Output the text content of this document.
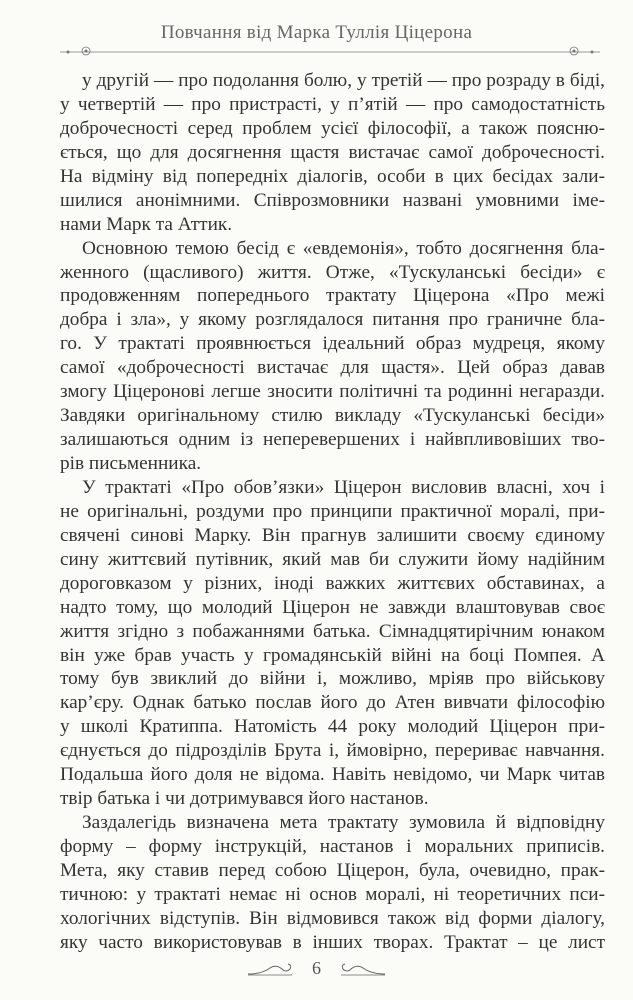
Повчання від Марка Туллія Ціцерона
у другій — про подолання болю, у третій — про розраду в біді,
у четвертій — про пристрасті, у п’ятій — про самодостатність
доброчесності серед проблем усієї філософії, а також поясню-
ється, що для досягнення щастя вистачає самої доброчесності.
На відміну від попередніх діалогів, особи в цих бесідах зали-
шилися анонімними. Співрозмовники названі умовними іме-
нами Марк та Аттик.
Основною темою бесід є «евдемонія», тобто досягнення бла-
женного (щасливого) життя. Отже, «Тускуланські бесіди» є
продовженням попереднього трактату Ціцерона «Про межі
добра і зла», у якому розглядалося питання про граничне бла-
го. У трактаті проявнюється ідеальний образ мудреця, якому
самої «доброчесності вистачає для щастя». Цей образ давав
змогу Ціцеронові легше зносити політичні та родинні негаразди.
Завдяки оригінальному стилю викладу «Тускуланські бесіди»
залишаються одним із неперевершених і найвпливовіших тво-
рів письменника.
У трактаті «Про обов’язки» Ціцерон висловив власні, хоч і
не оригінальні, роздуми про принципи практичної моралі, при-
свячені синові Марку. Він прагнув залишити своєму єдиному
сину життєвий путівник, який мав би служити йому надійним
дороговказом у різних, іноді важких життєвих обставинах, а
надто тому, що молодий Ціцерон не завжди влаштовував своє
життя згідно з побажаннями батька. Сімнадцятирічним юнаком
він уже брав участь у громадянській війні на боці Помпея. А
тому був звиклий до війни і, можливо, мріяв про військову
кар’єру. Однак батько послав його до Атен вивчати філософію
у школі Кратиппа. Натомість 44 року молодий Ціцерон при-
єднується до підрозділів Брута і, ймовірно, перериває навчання.
Подальша його доля не відома. Навіть невідомо, чи Марк читав
твір батька і чи дотримувався його настанов.
Заздалегідь визначена мета трактату зумовила й відповідну
форму – форму інструкцій, настанов і моральних приписів.
Мета, яку ставив перед собою Ціцерон, була, очевидно, прак-
тичною: у трактаті немає ні основ моралі, ні теоретичних пси-
хологічних відступів. Він відмовився також від форми діалогу,
яку часто використовував в інших творах. Трактат – це лист
6
